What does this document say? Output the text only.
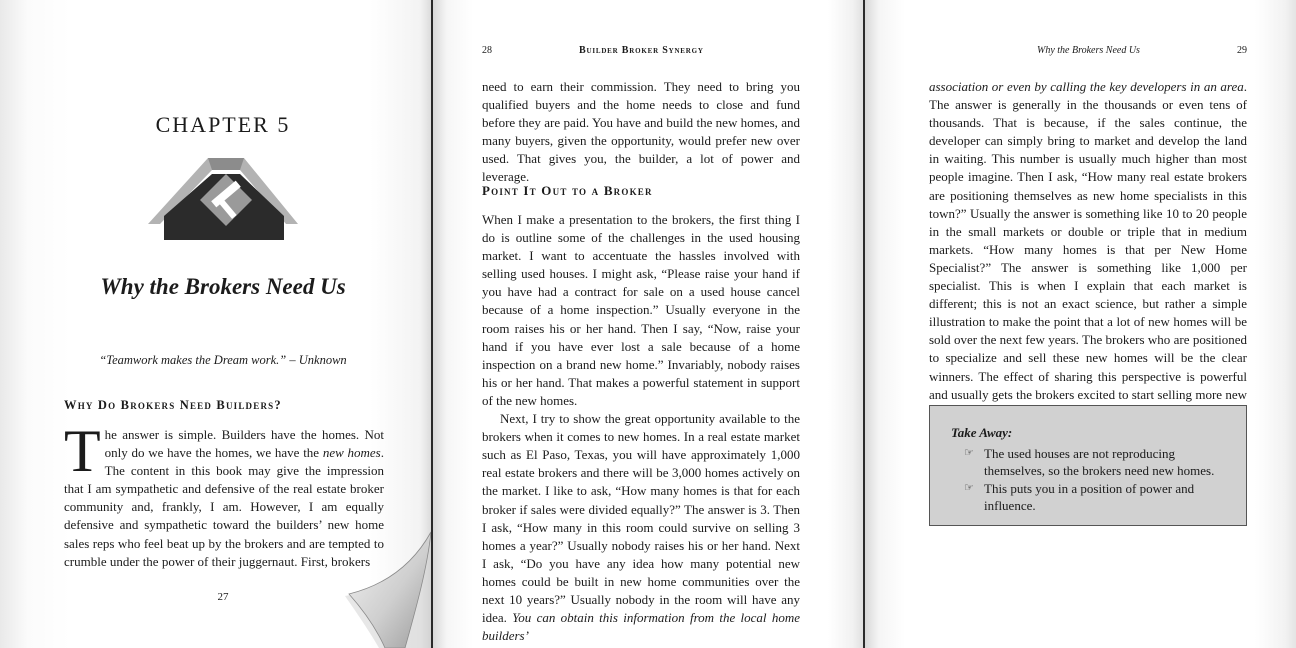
CHAPTER 5
Why the Brokers Need Us
“Teamwork makes the Dream work.” – Unknown
Why Do Brokers Need Builders?

The answer is simple. Builders have the homes. Not only do we have the homes, we have the new homes. The content in this book may give the impression that I am sympathetic and defensive of the real estate broker community and, frankly, I am. However, I am equally defensive and sympathetic toward the builders’ new home sales reps who feel beat up by the brokers and are tempted to crumble under the power of their juggernaut. First, brokers

27
28	Builder Broker Synergy

need to earn their commission. They need to bring you qualified buyers and the home needs to close and fund before they are paid. You have and build the new homes, and many buyers, given the opportunity, would prefer new over used. That gives you, the builder, a lot of power and leverage.

Point It Out to a Broker

When I make a presentation to the brokers, the first thing I do is outline some of the challenges in the used housing market. I want to accentuate the hassles involved with selling used houses. I might ask, “Please raise your hand if you have had a contract for sale on a used house cancel because of a home inspection.” Usually everyone in the room raises his or her hand. Then I say, “Now, raise your hand if you have ever lost a sale because of a home inspection on a brand new home.” Invariably, nobody raises his or her hand. That makes a powerful statement in support of the new homes.

Next, I try to show the great opportunity available to the brokers when it comes to new homes. In a real estate market such as El Paso, Texas, you will have approximately 1,000 real estate brokers and there will be 3,000 homes actively on the market. I like to ask, “How many homes is that for each broker if sales were divided equally?” The answer is 3. Then I ask, “How many in this room could survive on selling 3 homes a year?” Usually nobody raises his or her hand. Next I ask, “Do you have any idea how many potential new homes could be built in new home communities over the next 10 years?” Usually nobody in the room will have any idea. You can obtain this information from the local home builders’

Why the Brokers Need Us	29

association or even by calling the key developers in an area. The answer is generally in the thousands or even tens of thousands. That is because, if the sales continue, the developer can simply bring to market and develop the land in waiting. This number is usually much higher than most people imagine. Then I ask, “How many real estate brokers are positioning themselves as new home specialists in this town?” Usually the answer is something like 10 to 20 people in the small markets or double or triple that in medium markets. “How many homes is that per New Home Specialist?” The answer is something like 1,000 per specialist. This is when I explain that each market is different; this is not an exact science, but rather a simple illustration to make the point that a lot of new homes will be sold over the next few years. The brokers who are positioned to specialize and sell these new homes will be the clear winners. The effect of sharing this perspective is powerful and usually gets the brokers excited to start selling more new

Take Away:
☞ The used houses are not reproducing themselves, so the brokers need new homes.
☞ This puts you in a position of power and influence.
